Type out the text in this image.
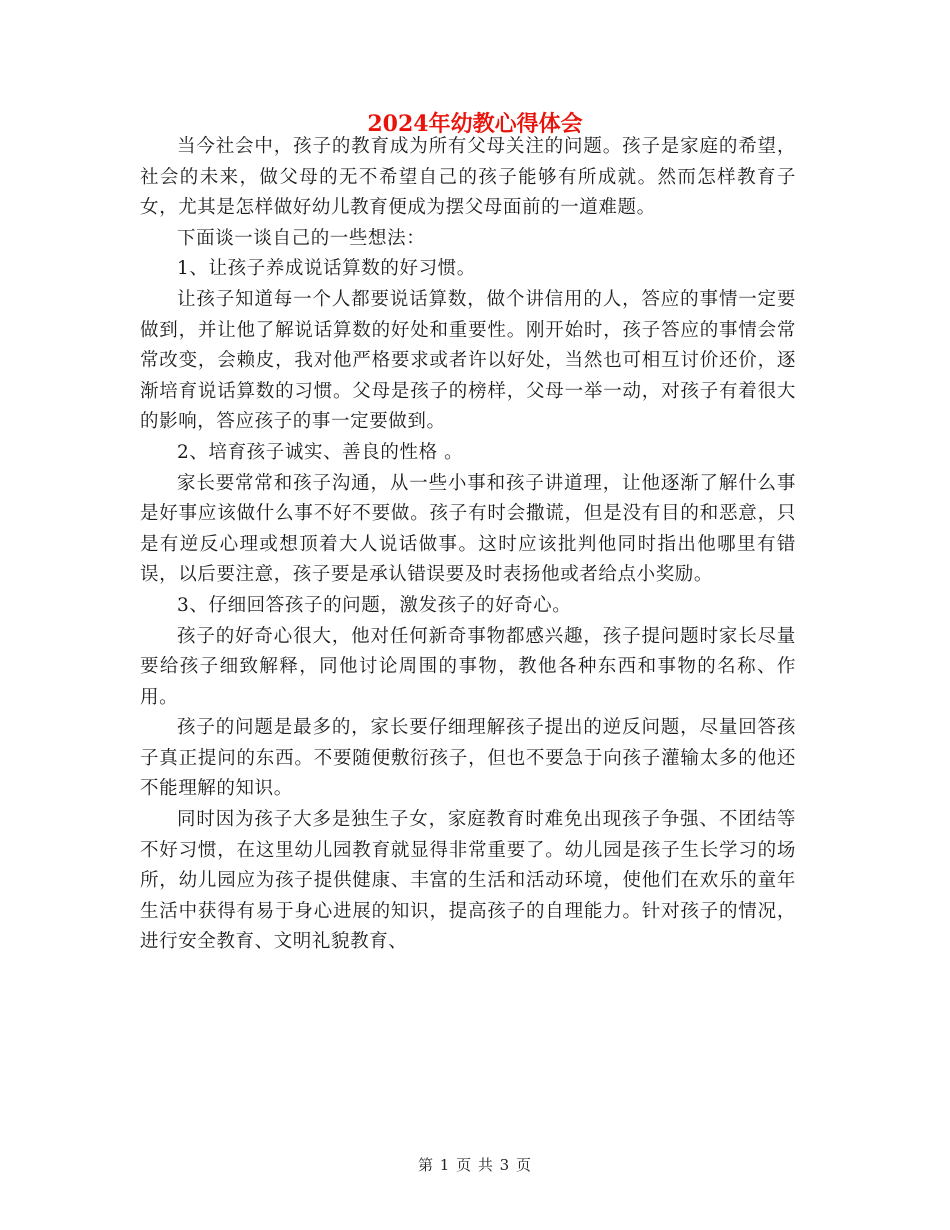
2024年幼教心得体会

当今社会中，孩子的教育成为所有父母关注的问题。孩子是家庭的希望，社会的未来，做父母的无不希望自己的孩子能够有所成就。然而怎样教育子女，尤其是怎样做好幼儿教育便成为摆父母面前的一道难题。

下面谈一谈自己的一些想法：

1、让孩子养成说话算数的好习惯。

让孩子知道每一个人都要说话算数，做个讲信用的人，答应的事情一定要做到，并让他了解说话算数的好处和重要性。刚开始时，孩子答应的事情会常常改变，会赖皮，我对他严格要求或者许以好处，当然也可相互讨价还价，逐渐培育说话算数的习惯。父母是孩子的榜样，父母一举一动，对孩子有着很大的影响，答应孩子的事一定要做到。

2、培育孩子诚实、善良的性格 。

家长要常常和孩子沟通，从一些小事和孩子讲道理，让他逐渐了解什么事是好事应该做什么事不好不要做。孩子有时会撒谎，但是没有目的和恶意，只是有逆反心理或想顶着大人说话做事。这时应该批判他同时指出他哪里有错误，以后要注意，孩子要是承认错误要及时表扬他或者给点小奖励。

3、仔细回答孩子的问题，激发孩子的好奇心。

孩子的好奇心很大，他对任何新奇事物都感兴趣，孩子提问题时家长尽量要给孩子细致解释，同他讨论周围的事物，教他各种东西和事物的名称、作用。

孩子的问题是最多的，家长要仔细理解孩子提出的逆反问题，尽量回答孩子真正提问的东西。不要随便敷衍孩子，但也不要急于向孩子灌输太多的他还不能理解的知识。

同时因为孩子大多是独生子女，家庭教育时难免出现孩子争强、不团结等不好习惯，在这里幼儿园教育就显得非常重要了。幼儿园是孩子生长学习的场所，幼儿园应为孩子提供健康、丰富的生活和活动环境，使他们在欢乐的童年生活中获得有易于身心进展的知识，提高孩子的自理能力。针对孩子的情况，进行安全教育、文明礼貌教育、

第 1 页 共 3 页
